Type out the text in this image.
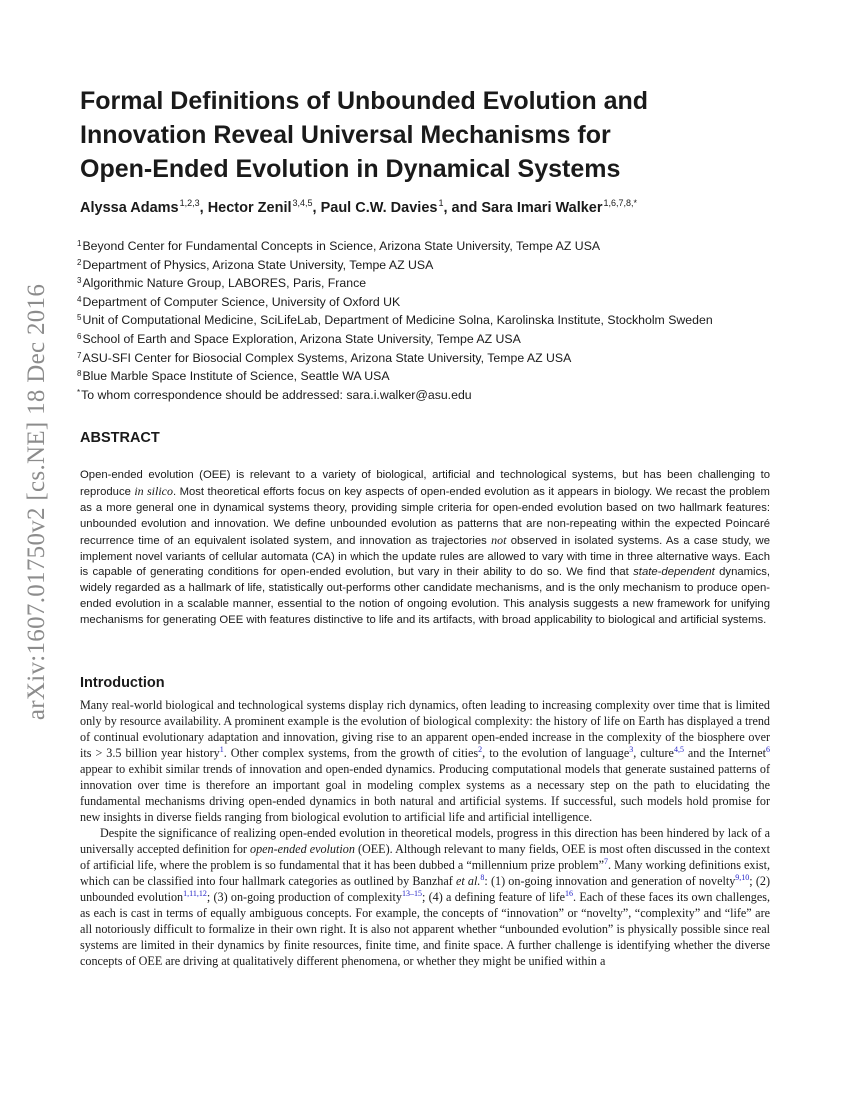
arXiv:1607.01750v2 [cs.NE] 18 Dec 2016
Formal Definitions of Unbounded Evolution and
Innovation Reveal Universal Mechanisms for
Open-Ended Evolution in Dynamical Systems
Alyssa Adams$^{1,2,3}$, Hector Zenil$^{3,4,5}$, Paul C.W. Davies$^1$, and Sara Imari Walker$^{1,6,7,8,*}$
$^1$Beyond Center for Fundamental Concepts in Science, Arizona State University, Tempe AZ USA
$^2$Department of Physics, Arizona State University, Tempe AZ USA
$^3$Algorithmic Nature Group, LABORES, Paris, France
$^4$Department of Computer Science, University of Oxford UK
$^5$Unit of Computational Medicine, SciLifeLab, Department of Medicine Solna, Karolinska Institute, Stockholm Sweden
$^6$School of Earth and Space Exploration, Arizona State University, Tempe AZ USA
$^7$ASU-SFI Center for Biosocial Complex Systems, Arizona State University, Tempe AZ USA
$^8$Blue Marble Space Institute of Science, Seattle WA USA
*To whom correspondence should be addressed: sara.i.walker@asu.edu
ABSTRACT
Open-ended evolution (OEE) is relevant to a variety of biological, artificial and technological systems, but has been challenging to reproduce in silico. Most theoretical efforts focus on key aspects of open-ended evolution as it appears in biology. We recast the problem as a more general one in dynamical systems theory, providing simple criteria for open-ended evolution based on two hallmark features: unbounded evolution and innovation. We define unbounded evolution as patterns that are non-repeating within the expected Poincaré recurrence time of an equivalent isolated system, and innovation as trajectories not observed in isolated systems. As a case study, we implement novel variants of cellular automata (CA) in which the update rules are allowed to vary with time in three alternative ways. Each is capable of generating conditions for open-ended evolution, but vary in their ability to do so. We find that state-dependent dynamics, widely regarded as a hallmark of life, statistically out-performs other candidate mechanisms, and is the only mechanism to produce open-ended evolution in a scalable manner, essential to the notion of ongoing evolution. This analysis suggests a new framework for unifying mechanisms for generating OEE with features distinctive to life and its artifacts, with broad applicability to biological and artificial systems.
Introduction

Many real-world biological and technological systems display rich dynamics, often leading to increasing complexity over time that is limited only by resource availability. A prominent example is the evolution of biological complexity: the history of life on Earth has displayed a trend of continual evolutionary adaptation and innovation, giving rise to an apparent open-ended increase in the complexity of the biosphere over its > 3.5 billion year history$^1$. Other complex systems, from the growth of cities$^2$, to the evolution of language$^3$, culture$^{4,5}$ and the Internet$^6$ appear to exhibit similar trends of innovation and open-ended dynamics. Producing computational models that generate sustained patterns of innovation over time is therefore an important goal in modeling complex systems as a necessary step on the path to elucidating the fundamental mechanisms driving open-ended dynamics in both natural and artificial systems. If successful, such models hold promise for new insights in diverse fields ranging from biological evolution to artificial life and artificial intelligence.

Despite the significance of realizing open-ended evolution in theoretical models, progress in this direction has been hindered by lack of a universally accepted definition for open-ended evolution (OEE). Although relevant to many fields, OEE is most often discussed in the context of artificial life, where the problem is so fundamental that it has been dubbed a “millennium prize problem”$^7$. Many working definitions exist, which can be classified into four hallmark categories as outlined by Banzhaf et al.$^8$: (1) on-going innovation and generation of novelty$^{9,10}$; (2) unbounded evolution$^{1,11,12}$; (3) on-going production of complexity$^{13-15}$; (4) a defining feature of life$^{16}$. Each of these faces its own challenges, as each is cast in terms of equally ambiguous concepts. For example, the concepts of “innovation” or “novelty”, “complexity” and “life” are all notoriously difficult to formalize in their own right. It is also not apparent whether “unbounded evolution” is physically possible since real systems are limited in their dynamics by finite resources, finite time, and finite space. A further challenge is identifying whether the diverse concepts of OEE are driving at qualitatively different phenomena, or whether they might be unified within a
